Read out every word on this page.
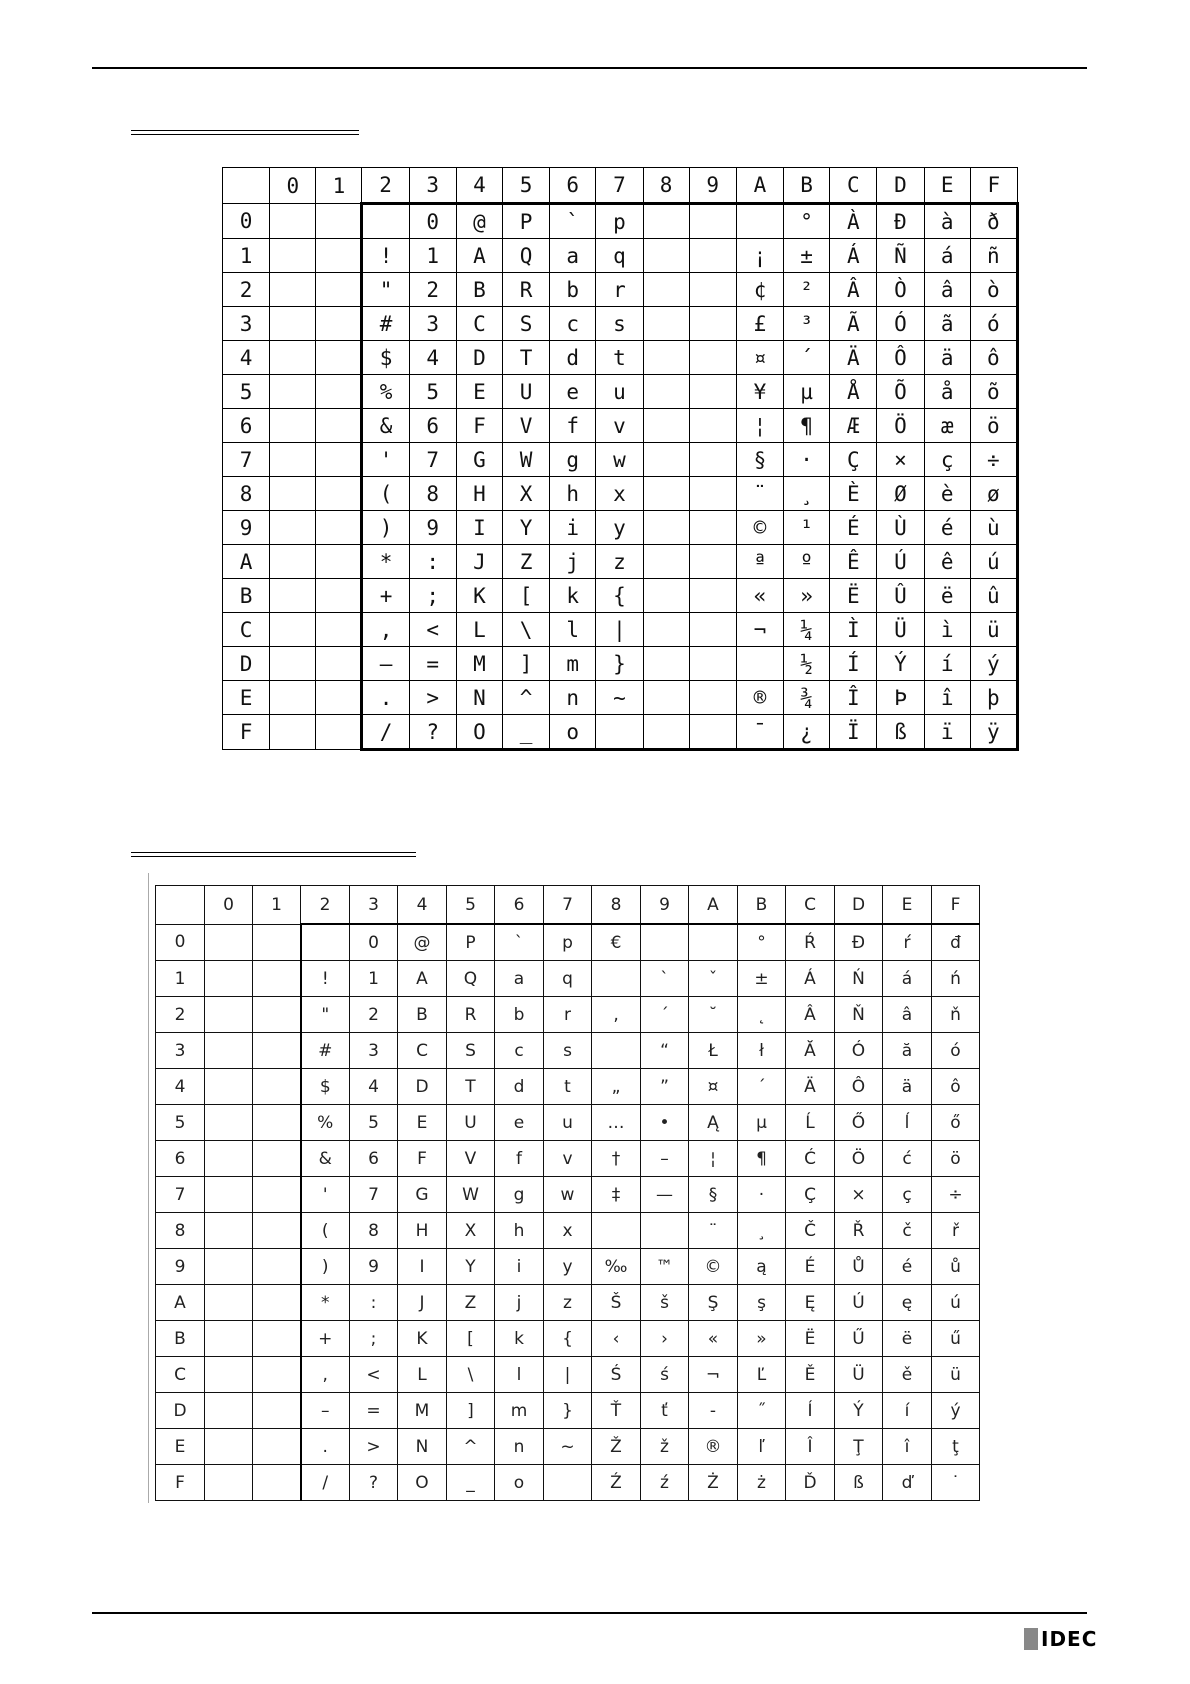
	0	1	2	3	4	5	6	7	8	9	A	B	C	D	E	F
0				0	@	P	`	p				°	À	Đ	à	ð
1			!	1	A	Q	a	q			¡	±	Á	Ñ	á	ñ
2			"	2	B	R	b	r			¢	²	Â	Ò	â	ò
3			#	3	C	S	c	s			£	³	Ã	Ó	ã	ó
4			$	4	D	T	d	t			¤	´	Ä	Ô	ä	ô
5			%	5	E	U	e	u			¥	µ	Å	Õ	å	õ
6			&	6	F	V	f	v			¦	¶	Æ	Ö	æ	ö
7			'	7	G	W	g	w			§	·	Ç	×	ç	÷
8			(	8	H	X	h	x			¨	¸	È	Ø	è	ø
9			)	9	I	Y	i	y			©	¹	É	Ù	é	ù
A			*	:	J	Z	j	z			ª	º	Ê	Ú	ê	ú
B			+	;	K	[	k	{			«	»	Ë	Û	ë	û
C			,	<	L	\	l	|			¬	¼	Ì	Ü	ì	ü
D			–	=	M	]	m	}				½	Í	Ý	í	ý
E			.	>	N	^	n	~			®	¾	Î	Þ	î	þ
F			/	?	O	_	o				¯	¿	Ï	ß	ï	ÿ
	0	1	2	3	4	5	6	7	8	9	A	B	C	D	E	F
0				0	@	P	`	p	€			°	Ŕ	Đ	ŕ	đ
1			!	1	A	Q	a	q		`	ˇ	±	Á	Ń	á	ń
2			"	2	B	R	b	r	‚	´	˘	˛	Â	Ň	â	ň
3			#	3	C	S	c	s		“	Ł	ł	Ă	Ó	ă	ó
4			$	4	D	T	d	t	„	”	¤	´	Ä	Ô	ä	ô
5			%	5	E	U	e	u	…	•	Ą	µ	Ĺ	Ő	ĺ	ő
6			&	6	F	V	f	v	†	–	¦	¶	Ć	Ö	ć	ö
7			'	7	G	W	g	w	‡	—	§	·	Ç	×	ç	÷
8			(	8	H	X	h	x			¨	¸	Č	Ř	č	ř
9			)	9	I	Y	i	y	‰	™	©	ą	É	Ů	é	ů
A			*	:	J	Z	j	z	Š	š	Ş	ş	Ę	Ú	ę	ú
B			+	;	K	[	k	{	‹	›	«	»	Ë	Ű	ë	ű
C			,	<	L	\	l	|	Ś	ś	¬	Ľ	Ě	Ü	ě	ü
D			–	=	M	]	m	}	Ť	ť	-	˝	Í	Ý	í	ý
E			.	>	N	^	n	~	Ž	ž	®	ľ	Î	Ţ	î	ţ
F			/	?	O	_	o		Ź	ź	Ż	ż	Ď	ß	ď	˙
IDEC
